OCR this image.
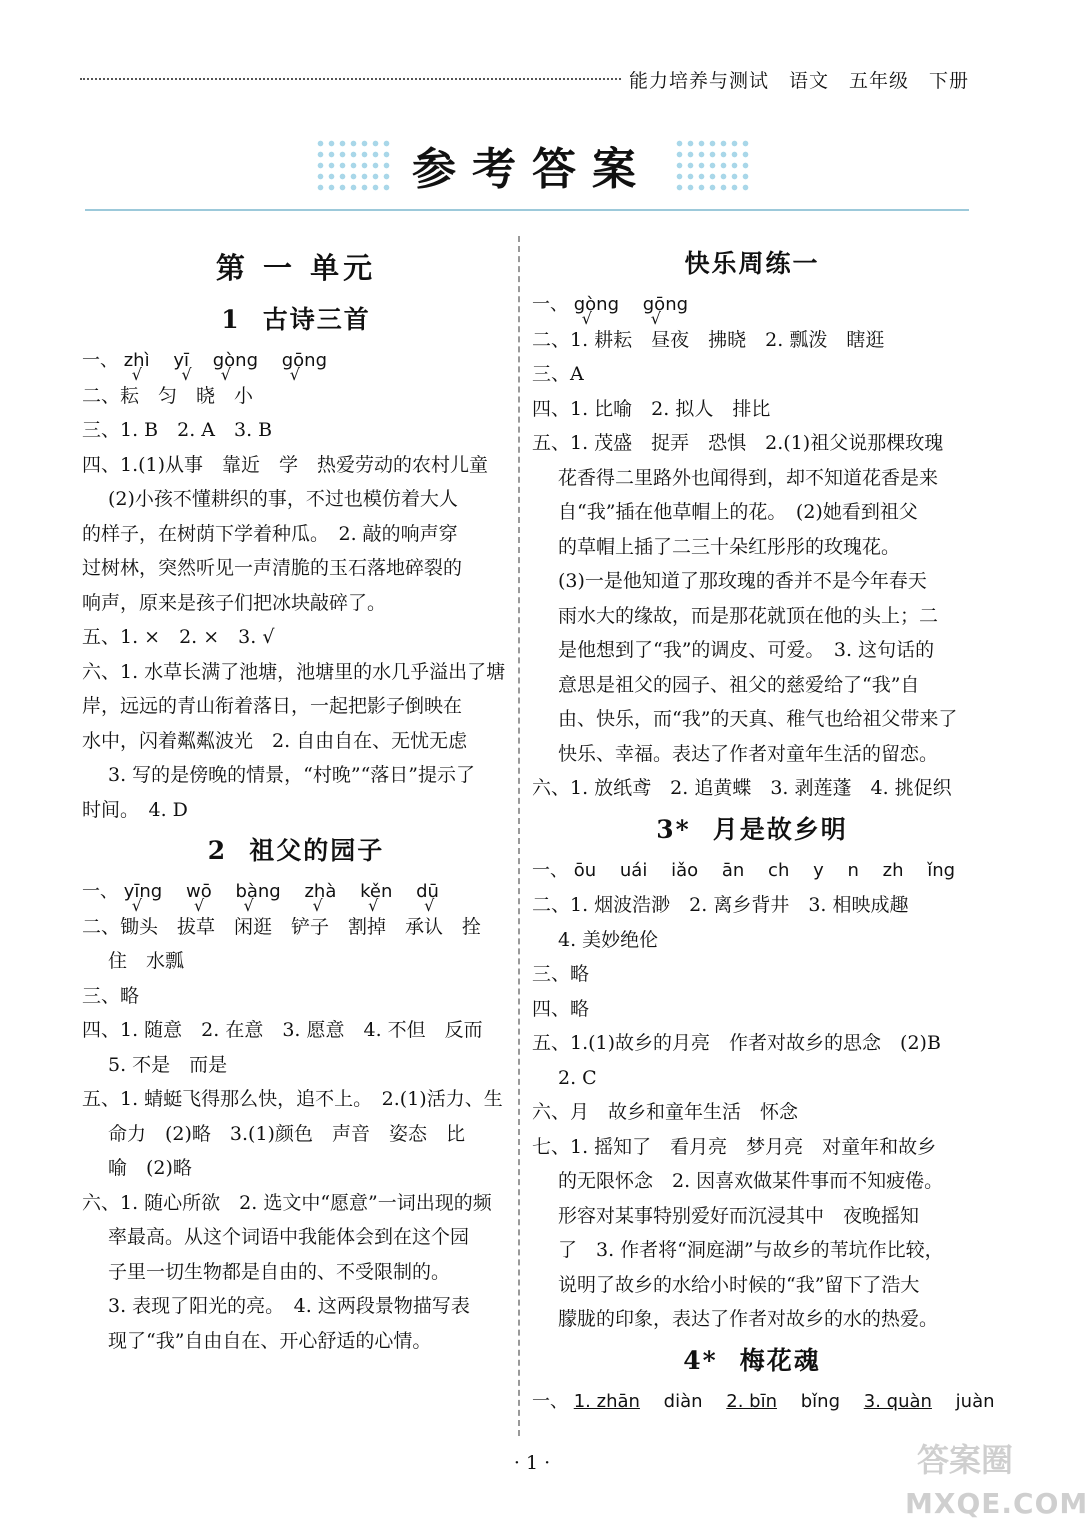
能力培养与测试　语文　五年级　下册
参考答案
第 一 单元
1 古诗三首
一、 zhì √ yī √ gòng √ gōng √
二、耘　匀　晓　小
三、1. B　2. A　3. B
四、1.(1)从事　靠近　学　热爱劳动的农村儿童
(2)小孩不懂耕织的事，不过也模仿着大人
的样子，在树荫下学着种瓜。　2. 敲的响声穿
过树林，突然听见一声清脆的玉石落地碎裂的
响声，原来是孩子们把冰块敲碎了。
五、1. ×　2. ×　3. √
六、1. 水草长满了池塘，池塘里的水几乎溢出了塘
岸，远远的青山衔着落日，一起把影子倒映在
水中，闪着粼粼波光　2. 自由自在、无忧无虑
3. 写的是傍晚的情景，“村晚”“落日”提示了
时间。　4. D
2 祖父的园子
一、 yīng √ wō √ bàng √ zhà √ kěn √ dū √
二、锄头　拔草　闲逛　铲子　割掉　承认　拴
住　水瓢
三、略
四、1. 随意　2. 在意　3. 愿意　4. 不但　反而
5. 不是　而是
五、1. 蜻蜓飞得那么快，追不上。　2.(1)活力、生
命力　(2)略　3.(1)颜色　声音　姿态　比
喻　(2)略
六、1. 随心所欲　2. 选文中“愿意”一词出现的频
率最高。从这个词语中我能体会到在这个园
子里一切生物都是自由的、不受限制的。
3. 表现了阳光的亮。　4. 这两段景物描写表
现了“我”自由自在、开心舒适的心情。
快乐周练一
一、 gòng √ gōng √
二、1. 耕耘　昼夜　拂晓　2. 瓢泼　瞎逛
三、A
四、1. 比喻　2. 拟人　排比
五、1. 茂盛　捉弄　恐惧　2.(1)祖父说那棵玫瑰
花香得二里路外也闻得到，却不知道花香是来
自“我”插在他草帽上的花。　(2)她看到祖父
的草帽上插了二三十朵红彤彤的玫瑰花。
(3)一是他知道了那玫瑰的香并不是今年春天
雨水大的缘故，而是那花就顶在他的头上；二
是他想到了“我”的调皮、可爱。　3. 这句话的
意思是祖父的园子、祖父的慈爱给了“我”自
由、快乐，而“我”的天真、稚气也给祖父带来了
快乐、幸福。表达了作者对童年生活的留恋。
六、1. 放纸鸢　2. 追黄蝶　3. 剥莲蓬　4. 挑促织
3* 月是故乡明
一、 ōu uái iǎo ān ch y n zh ǐng
二、1. 烟波浩渺　2. 离乡背井　3. 相映成趣
4. 美妙绝伦
三、略
四、略
五、1.(1)故乡的月亮　作者对故乡的思念　(2)B
2. C
六、月　故乡和童年生活　怀念
七、1. 摇知了　看月亮　梦月亮　对童年和故乡
的无限怀念　2. 因喜欢做某件事而不知疲倦。
形容对某事特别爱好而沉浸其中　夜晚摇知
了　3. 作者将“洞庭湖”与故乡的苇坑作比较，
说明了故乡的水给小时候的“我”留下了浩大
朦胧的印象，表达了作者对故乡的水的热爱。
4* 梅花魂
一、 1. zhān diàn 2. bīn bǐng 3. quàn juàn
· 1 ·	答案圈
MXQE.COM
